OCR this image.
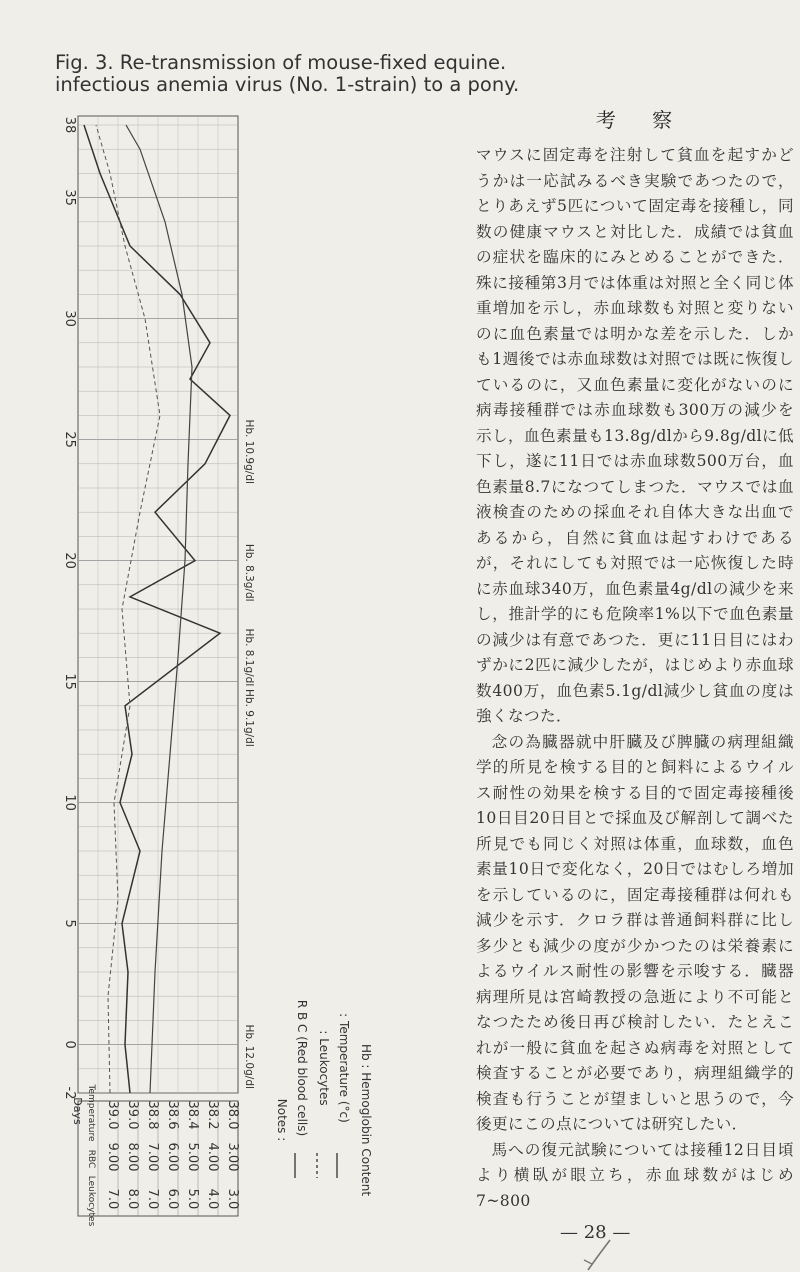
Fig. 3. Re-transmission of mouse-fixed equine.
infectious anemia virus (No. 1-strain) to a pony.
-2
0
5
10
15
20
25
30
35
38
Hb. 10.9g/dl
Hb. 8.3g/dl
Hb. 8.1g/dl
Hb. 9.1g/dl
Hb. 12.0g/dl
Temperature
RBC
Leukocytes
Days 39.0
9.00
7.0
39.0
8.00
8.0
38.8
7.00
7.0
38.6
6.00
6.0
38.4
5.00
5.0
38.2
4.00
4.0
38.0
3.00
3.0
Notes : R B C (Red blood cells) : Leukocytes : Temperature (°c) Hb : Hemoglobin Content
考 察

マウスに固定毒を注射して貧血を起すかどうかは一応試みるべき実験であつたので，とりあえず5匹について固定毒を接種し，同数の健康マウスと対比した．成績では貧血の症状を臨床的にみとめることができた．殊に接種第3月では体重は対照と全く同じ体重増加を示し，赤血球数も対照と変りないのに血色素量では明かな差を示した．しかも1週後では赤血球数は対照では既に恢復しているのに，又血色素量に変化がないのに病毒接種群では赤血球数も300万の減少を示し，血色素量も13.8g/dlから9.8g/dlに低下し，遂に11日では赤血球数500万台，血色素量8.7になつてしまつた．マウスでは血液検査のための採血それ自体大きな出血であるから，自然に貧血は起すわけであるが，それにしても対照では一応恢復した時に赤血球340万，血色素量4g/dlの減少を来し，推計学的にも危険率1%以下で血色素量の減少は有意であつた．更に11日目にはわずかに2匹に減少したが，はじめより赤血球数400万，血色素5.1g/dl減少し貧血の度は強くなつた．

念の為臓器就中肝臓及び脾臓の病理組織学的所見を検する目的と飼料によるウイルス耐性の効果を検する目的で固定毒接種後10日目20日目とで採血及び解剖して調べた所見でも同じく対照は体重，血球数，血色素量10日で変化なく，20日ではむしろ増加を示しているのに，固定毒接種群は何れも減少を示す．クロラ群は普通飼料群に比し多少とも減少の度が少かつたのは栄養素によるウイルス耐性の影響を示唆する．臓器病理所見は宮崎教授の急逝により不可能となつたため後日再び検討したい．たとえこれが一般に貧血を起さぬ病毒を対照として検査することが必要であり，病理組織学的検査も行うことが望ましいと思うので，今後更にこの点については研究したい．

馬への復元試験については接種12日目頃より横臥が眼立ち，赤血球数がはじめ7~800

— 28 —
